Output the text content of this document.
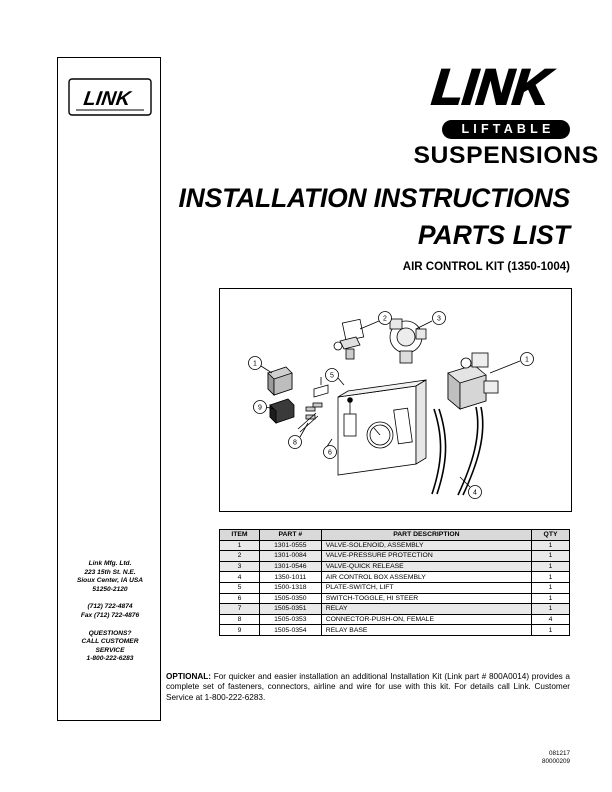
LINK
Link Mfg. Ltd.
223 15th St. N.E.
Sioux Center, IA USA
51250-2120
(712) 722-4874
Fax (712) 722-4876
QUESTIONS?
CALL CUSTOMER
SERVICE
1-800-222-6283
LINK
LIFTABLE
SUSPENSIONS
INSTALLATION INSTRUCTIONS
PARTS LIST
AIR CONTROL KIT (1350-1004)
1
2	3
1
5
9
8
6
4
ITEM	PART #	PART DESCRIPTION	QTY
1	1301-0555	VALVE-SOLENOID, ASSEMBLY	1
2	1301-0084	VALVE-PRESSURE PROTECTION	1
3	1301-0546	VALVE-QUICK RELEASE	1
4	1350-1011	AIR CONTROL BOX ASSEMBLY	1
5	1500-1318	PLATE-SWITCH, LIFT	1
6	1505-0350	SWITCH-TOGGLE, HI STEER	1
7	1505-0351	RELAY	1
8	1505-0353	CONNECTOR-PUSH-ON, FEMALE	4
9	1505-0354	RELAY BASE	1
OPTIONAL: For quicker and easier installation an additional Installation Kit (Link part # 800A0014) provides a complete set of fasteners, connectors, airline and wire for use with this kit. For details call Link. Customer Service at 1-800-222-6283.
081217
80000209
